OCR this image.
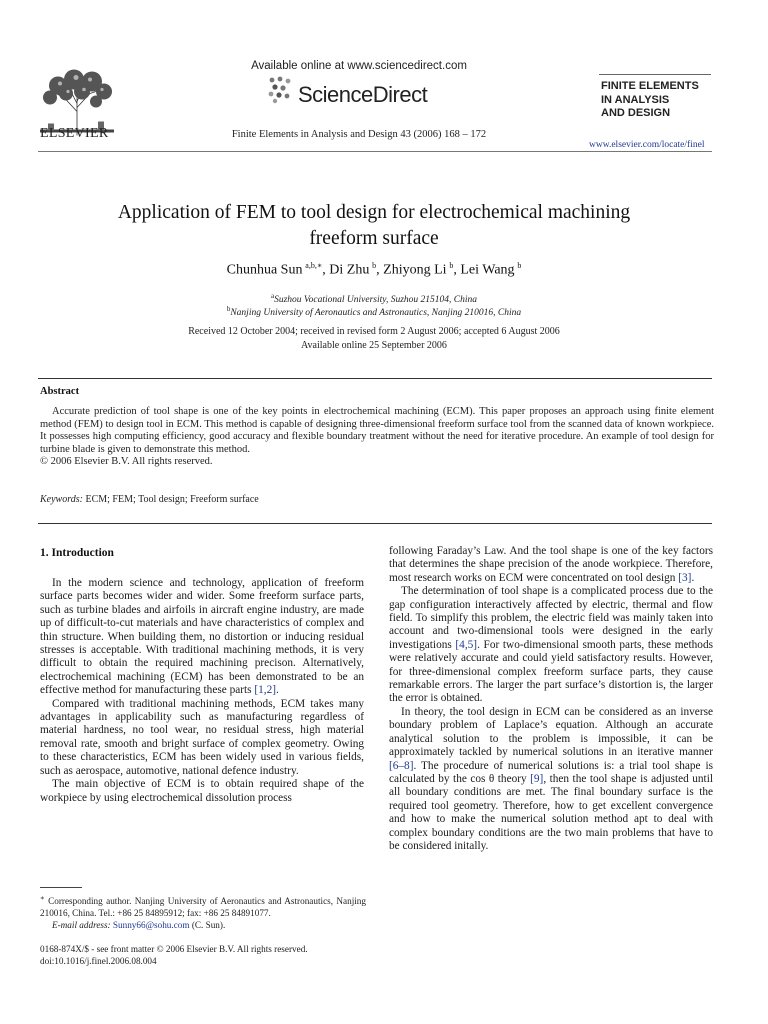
ELSEVIER
Available online at www.sciencedirect.com
ScienceDirect
Finite Elements in Analysis and Design 43 (2006) 168 – 172
FINITE ELEMENTS
IN ANALYSIS
AND DESIGN
www.elsevier.com/locate/finel
Application of FEM to tool design for electrochemical machining
freeform surface
Chunhua Sun  $^{a,b,∗}$, Di Zhu  $^b$, Zhiyong Li  $^b$, Lei Wang  $^b$
$^a$Suzhou Vocational University, Suzhou 215104, China
$^b$Nanjing University of Aeronautics and Astronautics, Nanjing 210016, China
Received 12 October 2004; received in revised form 2 August 2006; accepted 6 August 2006
Available online 25 September 2006
Abstract

Accurate prediction of tool shape is one of the key points in electrochemical machining (ECM). This paper proposes an approach using finite element method (FEM) to design tool in ECM. This method is capable of designing three-dimensional freeform surface tool from the scanned data of known workpiece. It possesses high computing efficiency, good accuracy and flexible boundary treatment without the need for iterative procedure. An example of tool design for turbine blade is given to demonstrate this method.

© 2006 Elsevier B.V. All rights reserved.

Keywords: ECM; FEM; Tool design; Freeform surface
1. Introduction

In the modern science and technology, application of freeform surface parts becomes wider and wider. Some freeform surface parts, such as turbine blades and airfoils in aircraft engine industry, are made up of difficult-to-cut materials and have characteristics of complex and thin structure. When building them, no distortion or inducing residual stresses is acceptable. With traditional machining methods, it is very difficult to obtain the required machining precison. Alternatively, electrochemical machining (ECM) has been demonstrated to be an effective method for manufacturing these parts [1,2].

Compared with traditional machining methods, ECM takes many advantages in applicability such as manufacturing regardless of material hardness, no tool wear, no residual stress, high material removal rate, smooth and bright surface of complex geometry. Owing to these characteristics, ECM has been widely used in various fields, such as aerospace, automotive, national defence industry.

The main objective of ECM is to obtain required shape of the workpiece by using electrochemical dissolution process

∗ Corresponding author. Nanjing University of Aeronautics and Astronautics, Nanjing 210016, China. Tel.: +86 25 84895912; fax: +86 25 84891077.
E-mail address: Sunny66@sohu.com (C. Sun).
0168-874X/$ - see front matter © 2006 Elsevier B.V. All rights reserved.
doi:10.1016/j.finel.2006.08.004

following Faraday’s Law. And the tool shape is one of the key factors that determines the shape precision of the anode workpiece. Therefore, most research works on ECM were concentrated on tool design [3].

The determination of tool shape is a complicated process due to the gap configuration interactively affected by electric, thermal and flow field. To simplify this problem, the electric field was mainly taken into account and two-dimensional tools were designed in the early investigations [4,5]. For two-dimensional smooth parts, these methods were relatively accurate and could yield satisfactory results. However, for three-dimensional complex freeform surface parts, they cause remarkable errors. The larger the part surface’s distortion is, the larger the error is obtained.

In theory, the tool design in ECM can be considered as an inverse boundary problem of Laplace’s equation. Although an accurate analytical solution to the problem is impossible, it can be approximately tackled by numerical solutions in an iterative manner [6–8]. The procedure of numerical solutions is: a trial tool shape is calculated by the cos θ theory [9], then the tool shape is adjusted until all boundary conditions are met. The final boundary surface is the required tool geometry. Therefore, how to get excellent convergence and how to make the numerical solution method apt to deal with complex boundary conditions are the two main problems that have to be considered initally.
